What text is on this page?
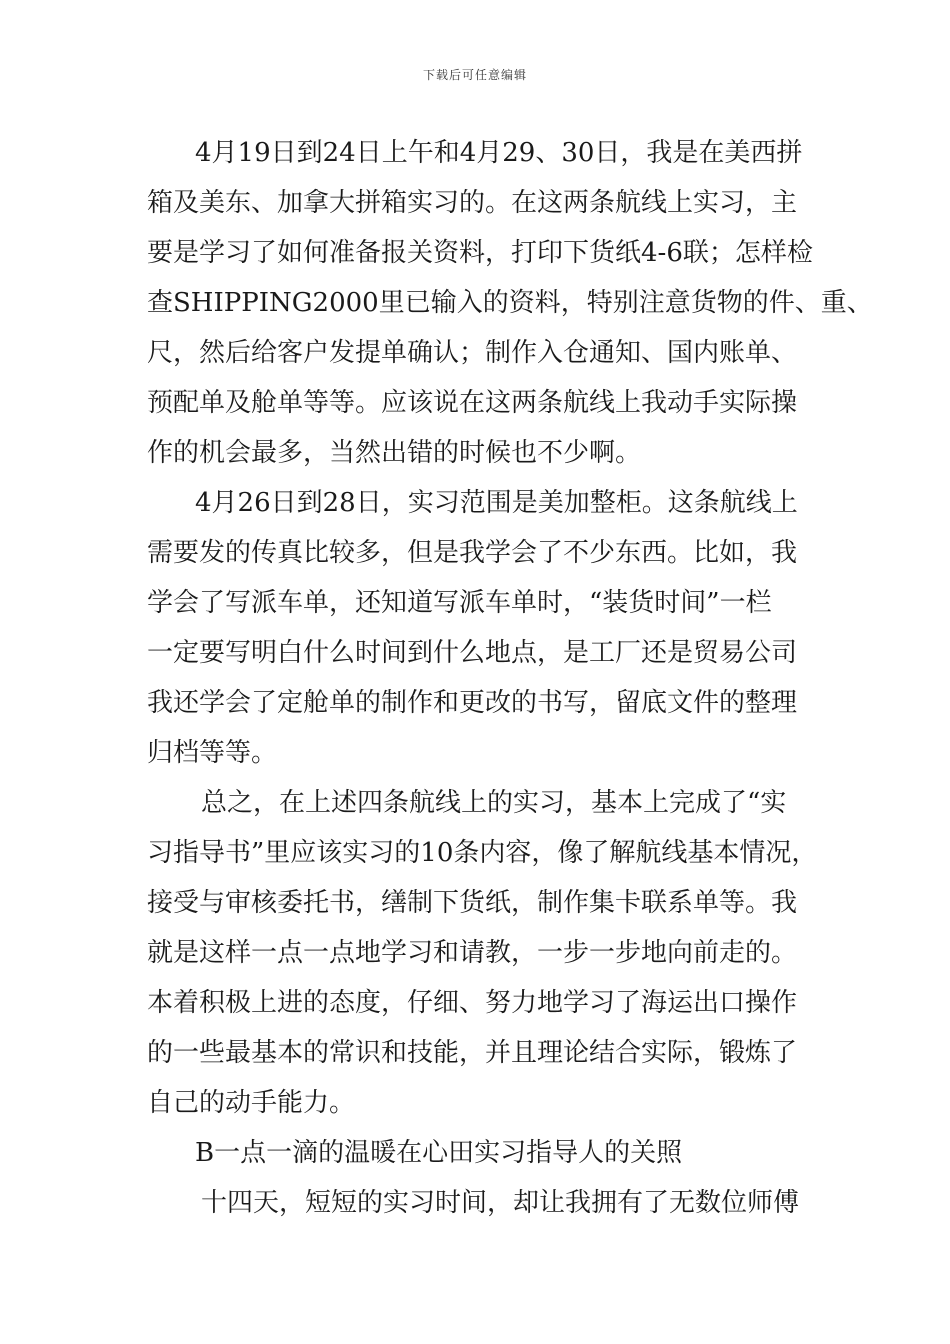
下载后可任意编辑
4月19日到24日上午和4月29、30日，我是在美西拼
箱及美东、加拿大拼箱实习的。在这两条航线上实习，主
要是学习了如何准备报关资料，打印下货纸4-6联；怎样检
查SHIPPING2000里已输入的资料，特别注意货物的件、重、
尺，然后给客户发提单确认；制作入仓通知、国内账单、
预配单及舱单等等。应该说在这两条航线上我动手实际操
作的机会最多，当然出错的时候也不少啊。
4月26日到28日，实习范围是美加整柜。这条航线上
需要发的传真比较多，但是我学会了不少东西。比如，我
学会了写派车单，还知道写派车单时，“装货时间”一栏
一定要写明白什么时间到什么地点，是工厂还是贸易公司
我还学会了定舱单的制作和更改的书写，留底文件的整理
归档等等。
总之，在上述四条航线上的实习，基本上完成了“实
习指导书”里应该实习的10条内容，像了解航线基本情况，
接受与审核委托书，缮制下货纸，制作集卡联系单等。我
就是这样一点一点地学习和请教，一步一步地向前走的。
本着积极上进的态度，仔细、努力地学习了海运出口操作
的一些最基本的常识和技能，并且理论结合实际，锻炼了
自己的动手能力。
B一点一滴的温暖在心田实习指导人的关照
十四天，短短的实习时间，却让我拥有了无数位师傅
